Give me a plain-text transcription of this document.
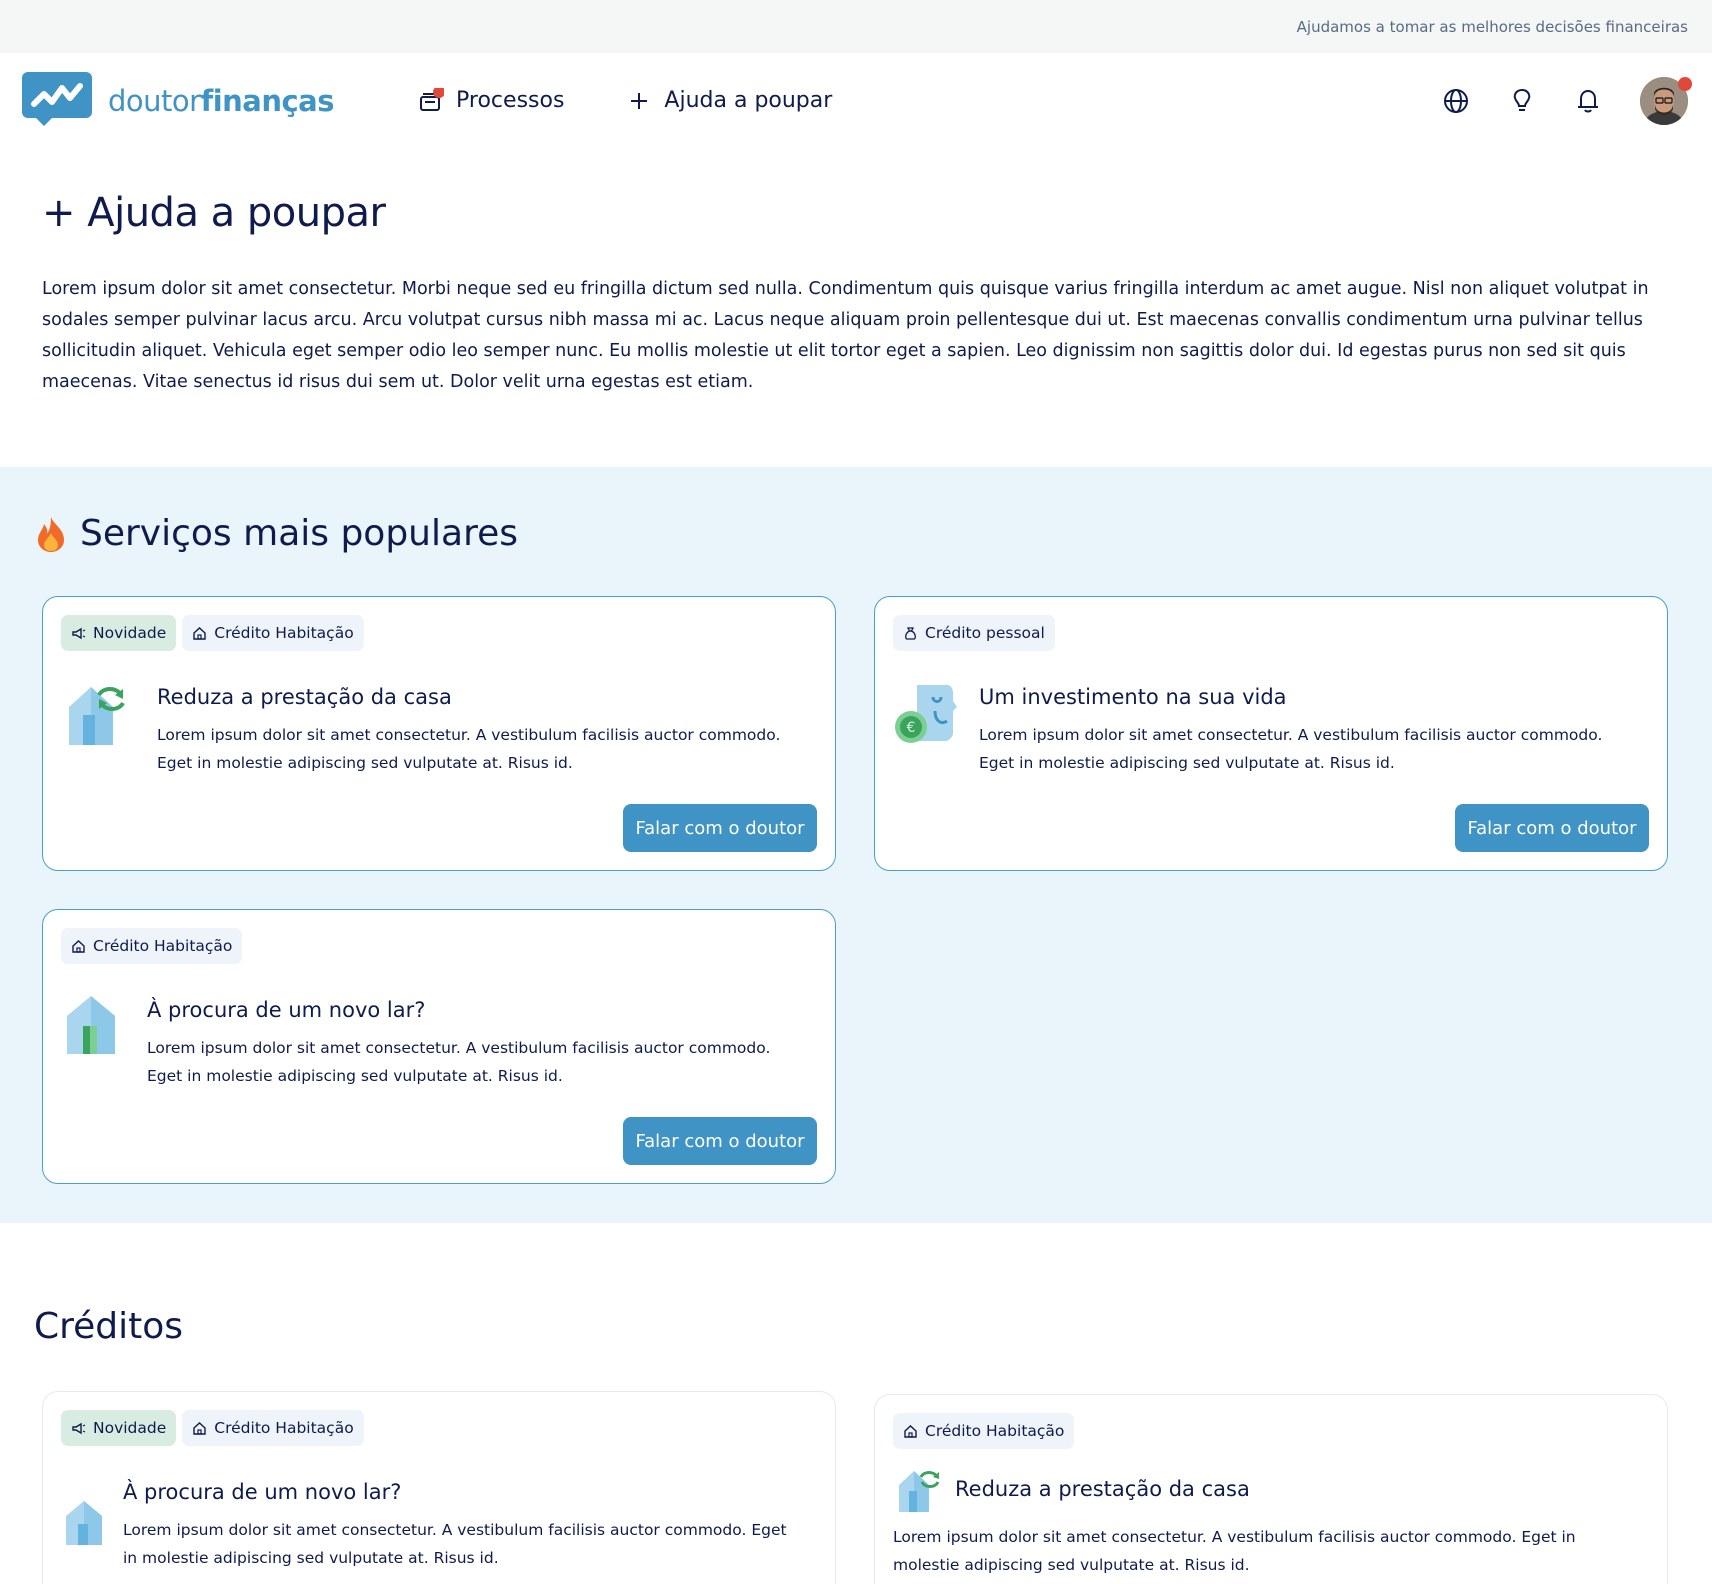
Ajudamos a tomar as melhores decisões financeiras
doutorfinanças	Processos	Ajuda a poupar
+ Ajuda a poupar

Lorem ipsum dolor sit amet consectetur. Morbi neque sed eu fringilla dictum sed nulla. Condimentum quis quisque varius fringilla interdum ac amet augue. Nisl non aliquet volutpat in sodales semper pulvinar lacus arcu. Arcu volutpat cursus nibh massa mi ac. Lacus neque aliquam proin pellentesque dui ut. Est maecenas convallis condimentum urna pulvinar tellus sollicitudin aliquet. Vehicula eget semper odio leo semper nunc. Eu mollis molestie ut elit tortor eget a sapien. Leo dignissim non sagittis dolor dui. Id egestas purus non sed sit quis maecenas. Vitae senectus id risus dui sem ut. Dolor velit urna egestas est etiam.

Serviços mais populares
Novidade	Crédito Habitação
Reduza a prestação da casa

Lorem ipsum dolor sit amet consectetur. A vestibulum facilisis auctor commodo. Eget in molestie adipiscing sed vulputate at. Risus id.

Falar com o doutor
Crédito pessoal
€
Um investimento na sua vida

Lorem ipsum dolor sit amet consectetur. A vestibulum facilisis auctor commodo. Eget in molestie adipiscing sed vulputate at. Risus id.

Falar com o doutor
Crédito Habitação
À procura de um novo lar?

Lorem ipsum dolor sit amet consectetur. A vestibulum facilisis auctor commodo. Eget in molestie adipiscing sed vulputate at. Risus id.

Falar com o doutor
Créditos
Novidade	Crédito Habitação
À procura de um novo lar?

Lorem ipsum dolor sit amet consectetur. A vestibulum facilisis auctor commodo. Eget in molestie adipiscing sed vulputate at. Risus id.

Crédito Habitação
Reduza a prestação da casa

Lorem ipsum dolor sit amet consectetur. A vestibulum facilisis auctor commodo. Eget in molestie adipiscing sed vulputate at. Risus id.
